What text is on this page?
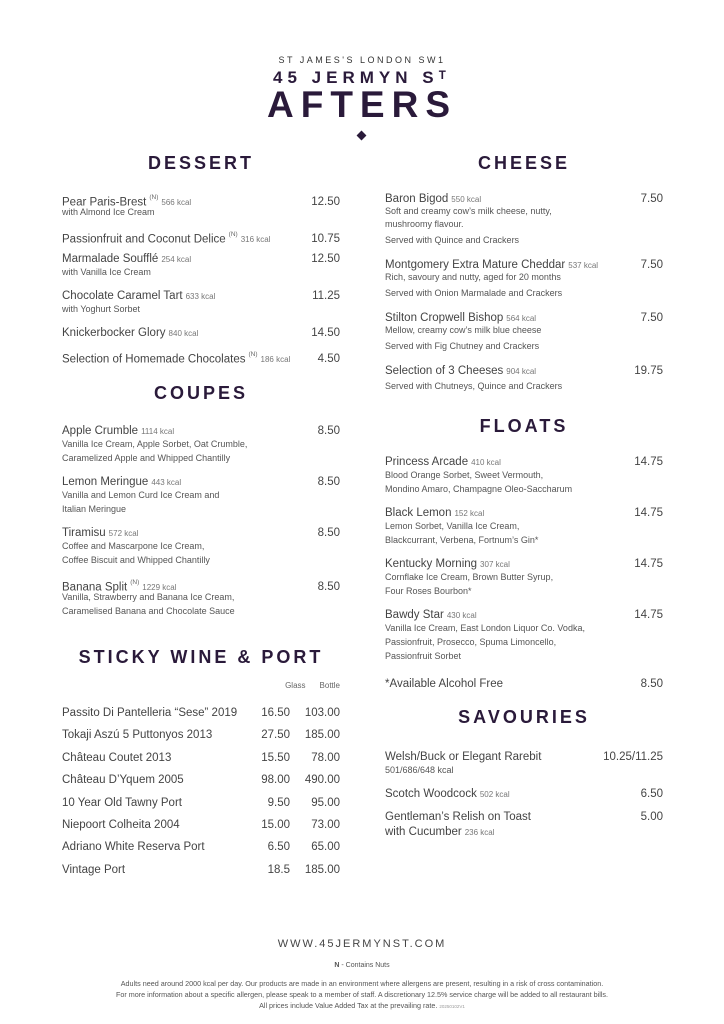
ST JAMES'S LONDON SW1
45 JERMYN Sᵀ
AFTERS
DESSERT
Pear Paris-Brest $^{(N)}$566 kcal	12.50
with Almond Ice Cream
Passionfruit and Coconut Delice $^{(N)}$316 kcal	10.75
Marmalade Soufflé 254 kcal	12.50
with Vanilla Ice Cream
Chocolate Caramel Tart 633 kcal	11.25
with Yoghurt Sorbet
Knickerbocker Glory 840 kcal	14.50
Selection of Homemade Chocolates $^{(N)}$186 kcal 4.50
COUPES
Apple Crumble 1114 kcal	8.50
Vanilla Ice Cream, Apple Sorbet, Oat Crumble,
Caramelized Apple and Whipped Chantilly
Lemon Meringue 443 kcal	8.50
Vanilla and Lemon Curd Ice Cream and
Italian Meringue
Tiramisu 572 kcal	8.50
Coffee and Mascarpone Ice Cream,
Coffee Biscuit and Whipped Chantilly
Banana Split $^{(N)}$1229 kcal	8.50
Vanilla, Strawberry and Banana Ice Cream,
Caramelised Banana and Chocolate Sauce
STICKY WINE & PORT
Glass Bottle
Passito Di Pantelleria “Sese” 2019	16.50	103.00
Tokaji Aszú 5 Puttonyos 2013	27.50	185.00
Château Coutet 2013	15.50	78.00
Château D’Yquem 2005	98.00	490.00
10 Year Old Tawny Port	9.50	95.00
Niepoort Colheita 2004	15.00	73.00
Adriano White Reserva Port	6.50	65.00
Vintage Port	18.5	185.00
CHEESE
Baron Bigod 550 kcal	7.50
Soft and creamy cow’s milk cheese, nutty,
mushroomy flavour.
Served with Quince and Crackers
Montgomery Extra Mature Cheddar 537 kcal	7.50
Rich, savoury and nutty, aged for 20 months
Served with Onion Marmalade and Crackers
Stilton Cropwell Bishop 564 kcal	7.50
Mellow, creamy cow’s milk blue cheese
Served with Fig Chutney and Crackers
Selection of 3 Cheeses 904 kcal	19.75
Served with Chutneys, Quince and Crackers
FLOATS
Princess Arcade 410 kcal	14.75
Blood Orange Sorbet, Sweet Vermouth,
Mondino Amaro, Champagne Oleo-Saccharum
Black Lemon 152 kcal	14.75
Lemon Sorbet, Vanilla Ice Cream,
Blackcurrant, Verbena, Fortnum’s Gin*
Kentucky Morning 307 kcal	14.75
Cornflake Ice Cream, Brown Butter Syrup,
Four Roses Bourbon*
Bawdy Star 430 kcal	14.75
Vanilla Ice Cream, East London Liquor Co. Vodka,
Passionfruit, Prosecco, Spuma Limoncello,
Passionfruit Sorbet
*Available Alcohol Free	8.50
SAVOURIES
Welsh/Buck or Elegant Rarebit	10.25/11.25
501/686/648 kcal
Scotch Woodcock 502 kcal	6.50
Gentleman’s Relish on Toast	5.00
with Cucumber 236 kcal
WWW.45JERMYNST.COM
N - Contains Nuts
Adults need around 2000 kcal per day. Our products are made in an environment where allergens are present, resulting in a risk of cross contamination.
For more information about a specific allergen, please speak to a member of staff. A discretionary 12.5% service charge will be added to all restaurant bills.
All prices include Value Added Tax at the prevailing rate. 20250102V1
